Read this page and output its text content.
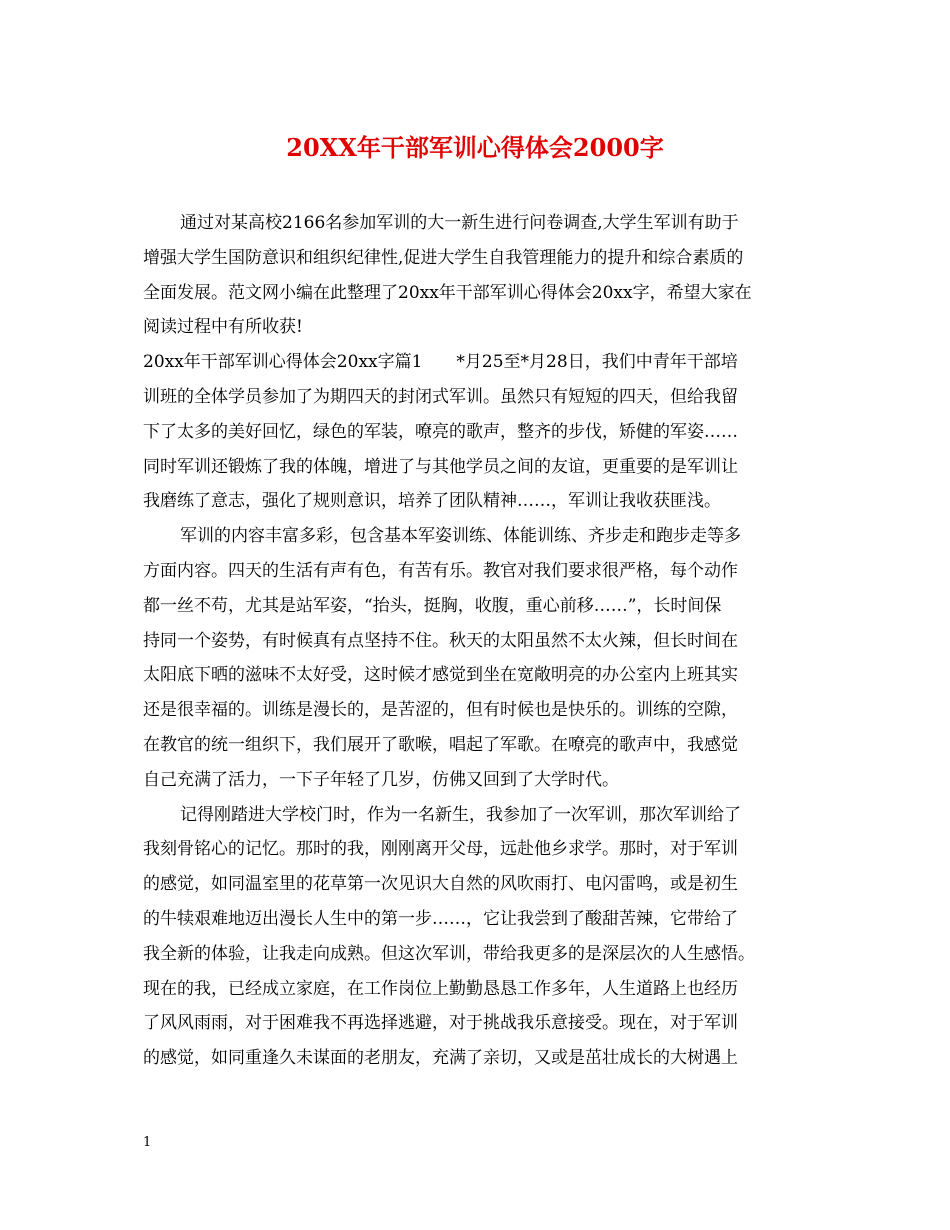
20XX年干部军训心得体会2000字
通过对某高校2166名参加军训的大一新生进行问卷调查,大学生军训有助于
增强大学生国防意识和组织纪律性,促进大学生自我管理能力的提升和综合素质的
全面发展。范文网小编在此整理了20xx年干部军训心得体会20xx字，希望大家在
阅读过程中有所收获!
20xx年干部军训心得体会20xx字篇1　　*月25至*月28日，我们中青年干部培
训班的全体学员参加了为期四天的封闭式军训。虽然只有短短的四天，但给我留
下了太多的美好回忆，绿色的军装，嘹亮的歌声，整齐的步伐，矫健的军姿……
同时军训还锻炼了我的体魄，增进了与其他学员之间的友谊，更重要的是军训让
我磨练了意志，强化了规则意识，培养了团队精神……，军训让我收获匪浅。
军训的内容丰富多彩，包含基本军姿训练、体能训练、齐步走和跑步走等多
方面内容。四天的生活有声有色，有苦有乐。教官对我们要求很严格，每个动作
都一丝不苟，尤其是站军姿，“抬头，挺胸，收腹，重心前移……”，长时间保
持同一个姿势，有时候真有点坚持不住。秋天的太阳虽然不太火辣，但长时间在
太阳底下晒的滋味不太好受，这时候才感觉到坐在宽敞明亮的办公室内上班其实
还是很幸福的。训练是漫长的，是苦涩的，但有时候也是快乐的。训练的空隙，
在教官的统一组织下，我们展开了歌喉，唱起了军歌。在嘹亮的歌声中，我感觉
自己充满了活力，一下子年轻了几岁，仿佛又回到了大学时代。
记得刚踏进大学校门时，作为一名新生，我参加了一次军训，那次军训给了
我刻骨铭心的记忆。那时的我，刚刚离开父母，远赴他乡求学。那时，对于军训
的感觉，如同温室里的花草第一次见识大自然的风吹雨打、电闪雷鸣，或是初生
的牛犊艰难地迈出漫长人生中的第一步……，它让我尝到了酸甜苦辣，它带给了
我全新的体验，让我走向成熟。但这次军训，带给我更多的是深层次的人生感悟。
现在的我，已经成立家庭，在工作岗位上勤勤恳恳工作多年，人生道路上也经历
了风风雨雨，对于困难我不再选择逃避，对于挑战我乐意接受。现在，对于军训
的感觉，如同重逢久未谋面的老朋友，充满了亲切，又或是茁壮成长的大树遇上
1
